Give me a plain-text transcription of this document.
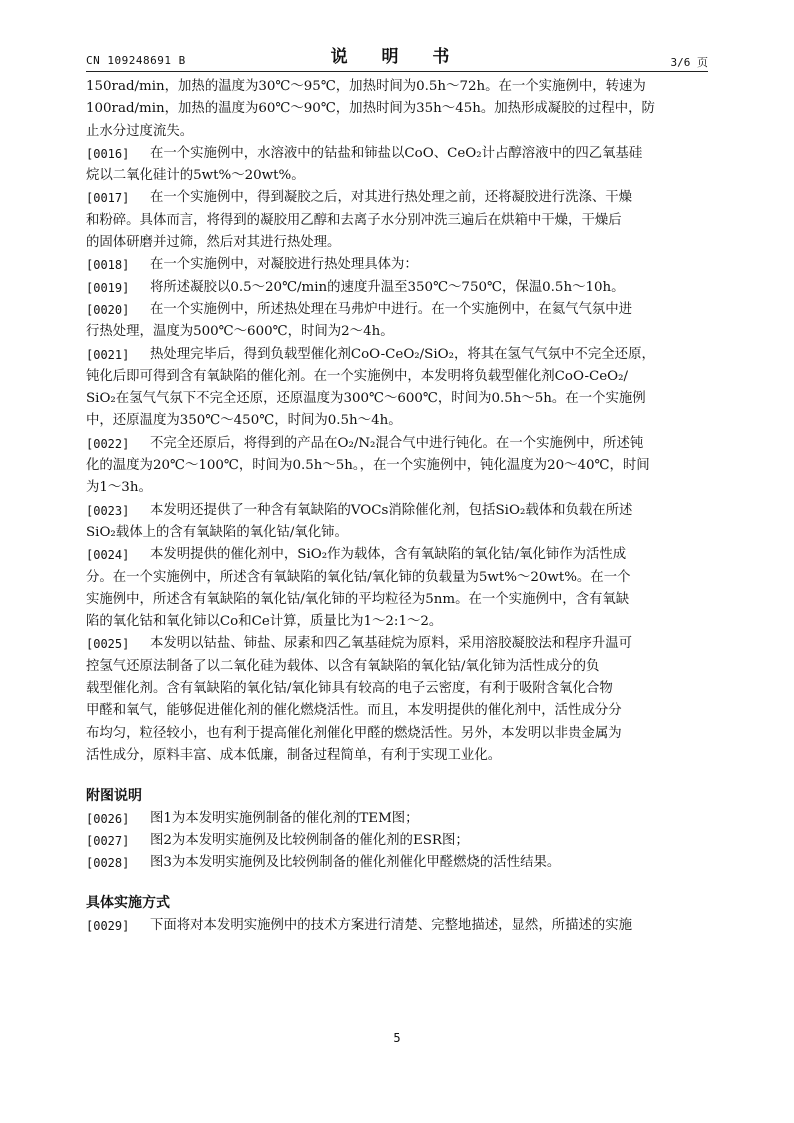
CN 109248691 B	说 明 书	3/6 页
150rad/min，加热的温度为30℃～95℃，加热时间为0.5h～72h。在一个实施例中，转速为
100rad/min，加热的温度为60℃～90℃，加热时间为35h～45h。加热形成凝胶的过程中，防
止水分过度流失。
[0016]	在一个实施例中，水溶液中的钴盐和铈盐以CoO、CeO₂计占醇溶液中的四乙氧基硅
烷以二氧化硅计的5wt%～20wt%。
[0017]	在一个实施例中，得到凝胶之后，对其进行热处理之前，还将凝胶进行洗涤、干燥
和粉碎。具体而言，将得到的凝胶用乙醇和去离子水分别冲洗三遍后在烘箱中干燥，干燥后
的固体研磨并过筛，然后对其进行热处理。
[0018]	在一个实施例中，对凝胶进行热处理具体为：
[0019]	将所述凝胶以0.5～20℃/min的速度升温至350℃～750℃，保温0.5h～10h。
[0020]	在一个实施例中，所述热处理在马弗炉中进行。在一个实施例中，在氦气气氛中进
行热处理，温度为500℃～600℃，时间为2～4h。
[0021]	热处理完毕后，得到负载型催化剂CoO-CeO₂/SiO₂，将其在氢气气氛中不完全还原，
钝化后即可得到含有氧缺陷的催化剂。在一个实施例中，本发明将负载型催化剂CoO-CeO₂/
SiO₂在氢气气氛下不完全还原，还原温度为300℃～600℃，时间为0.5h～5h。在一个实施例
中，还原温度为350℃～450℃，时间为0.5h～4h。
[0022]	不完全还原后，将得到的产品在O₂/N₂混合气中进行钝化。在一个实施例中，所述钝
化的温度为20℃～100℃，时间为0.5h～5h。，在一个实施例中，钝化温度为20～40℃，时间
为1～3h。
[0023]	本发明还提供了一种含有氧缺陷的VOCs消除催化剂，包括SiO₂载体和负载在所述
SiO₂载体上的含有氧缺陷的氧化钴/氧化铈。
[0024]	本发明提供的催化剂中，SiO₂作为载体，含有氧缺陷的氧化钴/氧化铈作为活性成
分。在一个实施例中，所述含有氧缺陷的氧化钴/氧化铈的负载量为5wt%～20wt%。在一个
实施例中，所述含有氧缺陷的氧化钴/氧化铈的平均粒径为5nm。在一个实施例中，含有氧缺
陷的氧化钴和氧化铈以Co和Ce计算，质量比为1～2:1～2。
[0025]	本发明以钴盐、铈盐、尿素和四乙氧基硅烷为原料，采用溶胶凝胶法和程序升温可
控氢气还原法制备了以二氧化硅为载体、以含有氧缺陷的氧化钴/氧化铈为活性成分的负
载型催化剂。含有氧缺陷的氧化钴/氧化铈具有较高的电子云密度，有利于吸附含氧化合物
甲醛和氧气，能够促进催化剂的催化燃烧活性。而且，本发明提供的催化剂中，活性成分分
布均匀，粒径较小，也有利于提高催化剂催化甲醛的燃烧活性。另外，本发明以非贵金属为
活性成分，原料丰富、成本低廉，制备过程简单，有利于实现工业化。

附图说明

[0026]	图1为本发明实施例制备的催化剂的TEM图；
[0027]	图2为本发明实施例及比较例制备的催化剂的ESR图；
[0028]	图3为本发明实施例及比较例制备的催化剂催化甲醛燃烧的活性结果。

具体实施方式

[0029]	下面将对本发明实施例中的技术方案进行清楚、完整地描述，显然，所描述的实施
5
